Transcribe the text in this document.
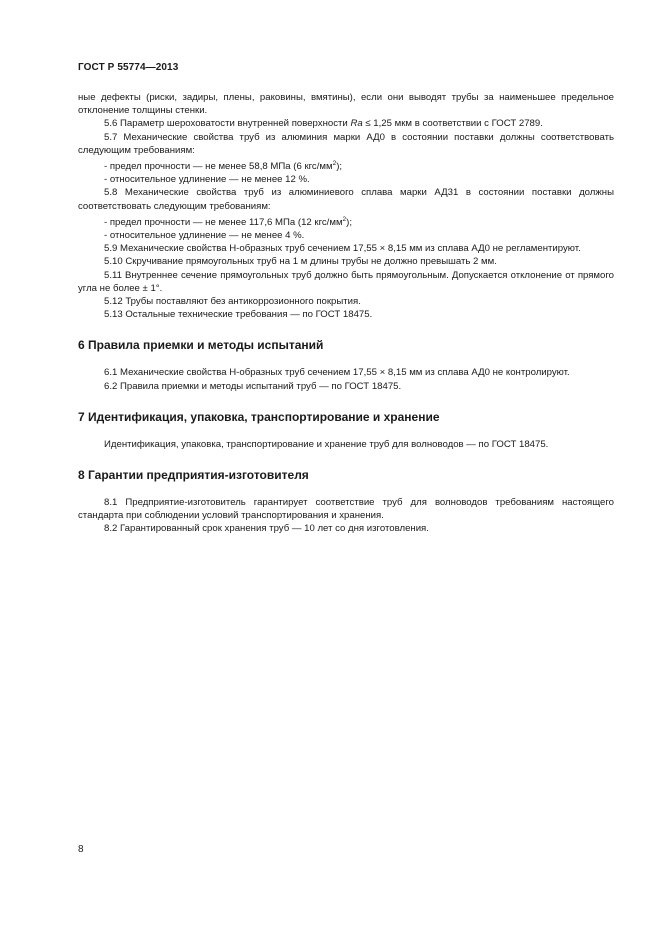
ГОСТ Р 55774—2013

ные дефекты (риски, задиры, плены, раковины, вмятины), если они выводят трубы за наименьшее предельное отклонение толщины стенки.

5.6 Параметр шероховатости внутренней поверхности Ra ≤ 1,25 мкм в соответствии с ГОСТ 2789.

5.7 Механические свойства труб из алюминия марки АД0 в состоянии поставки должны соответствовать следующим требованиям:

- предел прочности — не менее 58,8 МПа (6 кгс/$мм^2$);

- относительное удлинение — не менее 12 %.

5.8 Механические свойства труб из алюминиевого сплава марки АД31 в состоянии поставки должны соответствовать следующим требованиям:

- предел прочности — не менее 117,6 МПа (12 кгс/$мм^2$);

- относительное удлинение — не менее 4 %.

5.9 Механические свойства Н-образных труб сечением 17,55 × 8,15 мм из сплава АД0 не регламентируют.

5.10 Скручивание прямоугольных труб на 1 м длины трубы не должно превышать 2 мм.

5.11 Внутреннее сечение прямоугольных труб должно быть прямоугольным. Допускается отклонение от прямого угла не более ± 1°.

5.12 Трубы поставляют без антикоррозионного покрытия.

5.13 Остальные технические требования — по ГОСТ 18475.

6 Правила приемки и методы испытаний

6.1 Механические свойства Н-образных труб сечением 17,55 × 8,15 мм из сплава АД0 не контролируют.

6.2 Правила приемки и методы испытаний труб — по ГОСТ 18475.

7 Идентификация, упаковка, транспортирование и хранение

Идентификация, упаковка, транспортирование и хранение труб для волноводов — по ГОСТ 18475.

8 Гарантии предприятия-изготовителя

8.1 Предприятие-изготовитель гарантирует соответствие труб для волноводов требованиям настоящего стандарта при соблюдении условий транспортирования и хранения.

8.2 Гарантированный срок хранения труб — 10 лет со дня изготовления.

8
